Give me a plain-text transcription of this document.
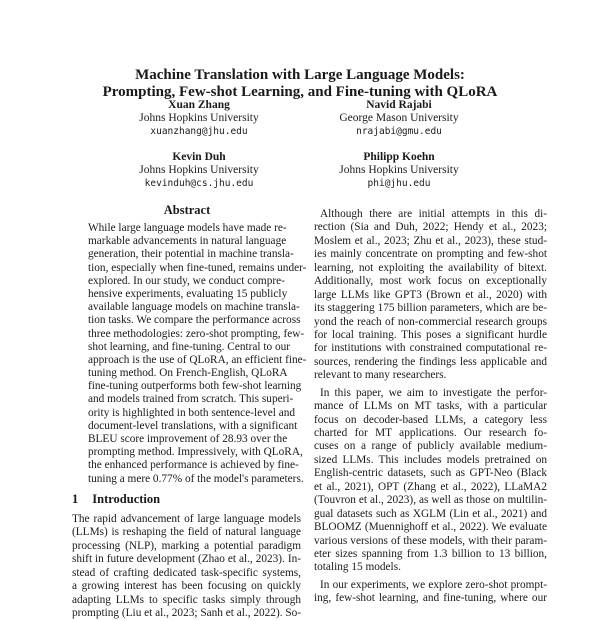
Machine Translation with Large Language Models:
Prompting, Few-shot Learning, and Fine-tuning with QLoRA
Xuan Zhang
Johns Hopkins University
xuanzhang@jhu.edu
Navid Rajabi
George Mason University
nrajabi@gmu.edu
Kevin Duh
Johns Hopkins University
kevinduh@cs.jhu.edu
Philipp Koehn
Johns Hopkins University
phi@jhu.edu
Abstract
While large language models have made re-
markable advancements in natural language
generation, their potential in machine transla-
tion, especially when fine-tuned, remains under-
explored. In our study, we conduct compre-
hensive experiments, evaluating 15 publicly
available language models on machine transla-
tion tasks. We compare the performance across
three methodologies: zero-shot prompting, few-
shot learning, and fine-tuning. Central to our
approach is the use of QLoRA, an efficient fine-
tuning method. On French-English, QLoRA
fine-tuning outperforms both few-shot learning
and models trained from scratch. This superi-
ority is highlighted in both sentence-level and
document-level translations, with a significant
BLEU score improvement of 28.93 over the
prompting method. Impressively, with QLoRA,
the enhanced performance is achieved by fine-
tuning a mere 0.77% of the model's parameters.
1 Introduction
The rapid advancement of large language models
(LLMs) is reshaping the field of natural language
processing (NLP), marking a potential paradigm
shift in future development (Zhao et al., 2023). In-
stead of crafting dedicated task-specific systems,
a growing interest has been focusing on quickly
adapting LLMs to specific tasks simply through
prompting (Liu et al., 2023; Sanh et al., 2022). So-
Although there are initial attempts in this di-
rection (Sia and Duh, 2022; Hendy et al., 2023;
Moslem et al., 2023; Zhu et al., 2023), these stud-
ies mainly concentrate on prompting and few-shot
learning, not exploiting the availability of bitext.
Additionally, most work focus on exceptionally
large LLMs like GPT3 (Brown et al., 2020) with
its staggering 175 billion parameters, which are be-
yond the reach of non-commercial research groups
for local training. This poses a significant hurdle
for institutions with constrained computational re-
sources, rendering the findings less applicable and
relevant to many researchers.
In this paper, we aim to investigate the perfor-
mance of LLMs on MT tasks, with a particular
focus on decoder-based LLMs, a category less
charted for MT applications. Our research fo-
cuses on a range of publicly available medium-
sized LLMs. This includes models pretrained on
English-centric datasets, such as GPT-Neo (Black
et al., 2021), OPT (Zhang et al., 2022), LLaMA2
(Touvron et al., 2023), as well as those on multilin-
gual datasets such as XGLM (Lin et al., 2021) and
BLOOMZ (Muennighoff et al., 2022). We evaluate
various versions of these models, with their param-
eter sizes spanning from 1.3 billion to 13 billion,
totaling 15 models.
In our experiments, we explore zero-shot prompt-
ing, few-shot learning, and fine-tuning, where our
